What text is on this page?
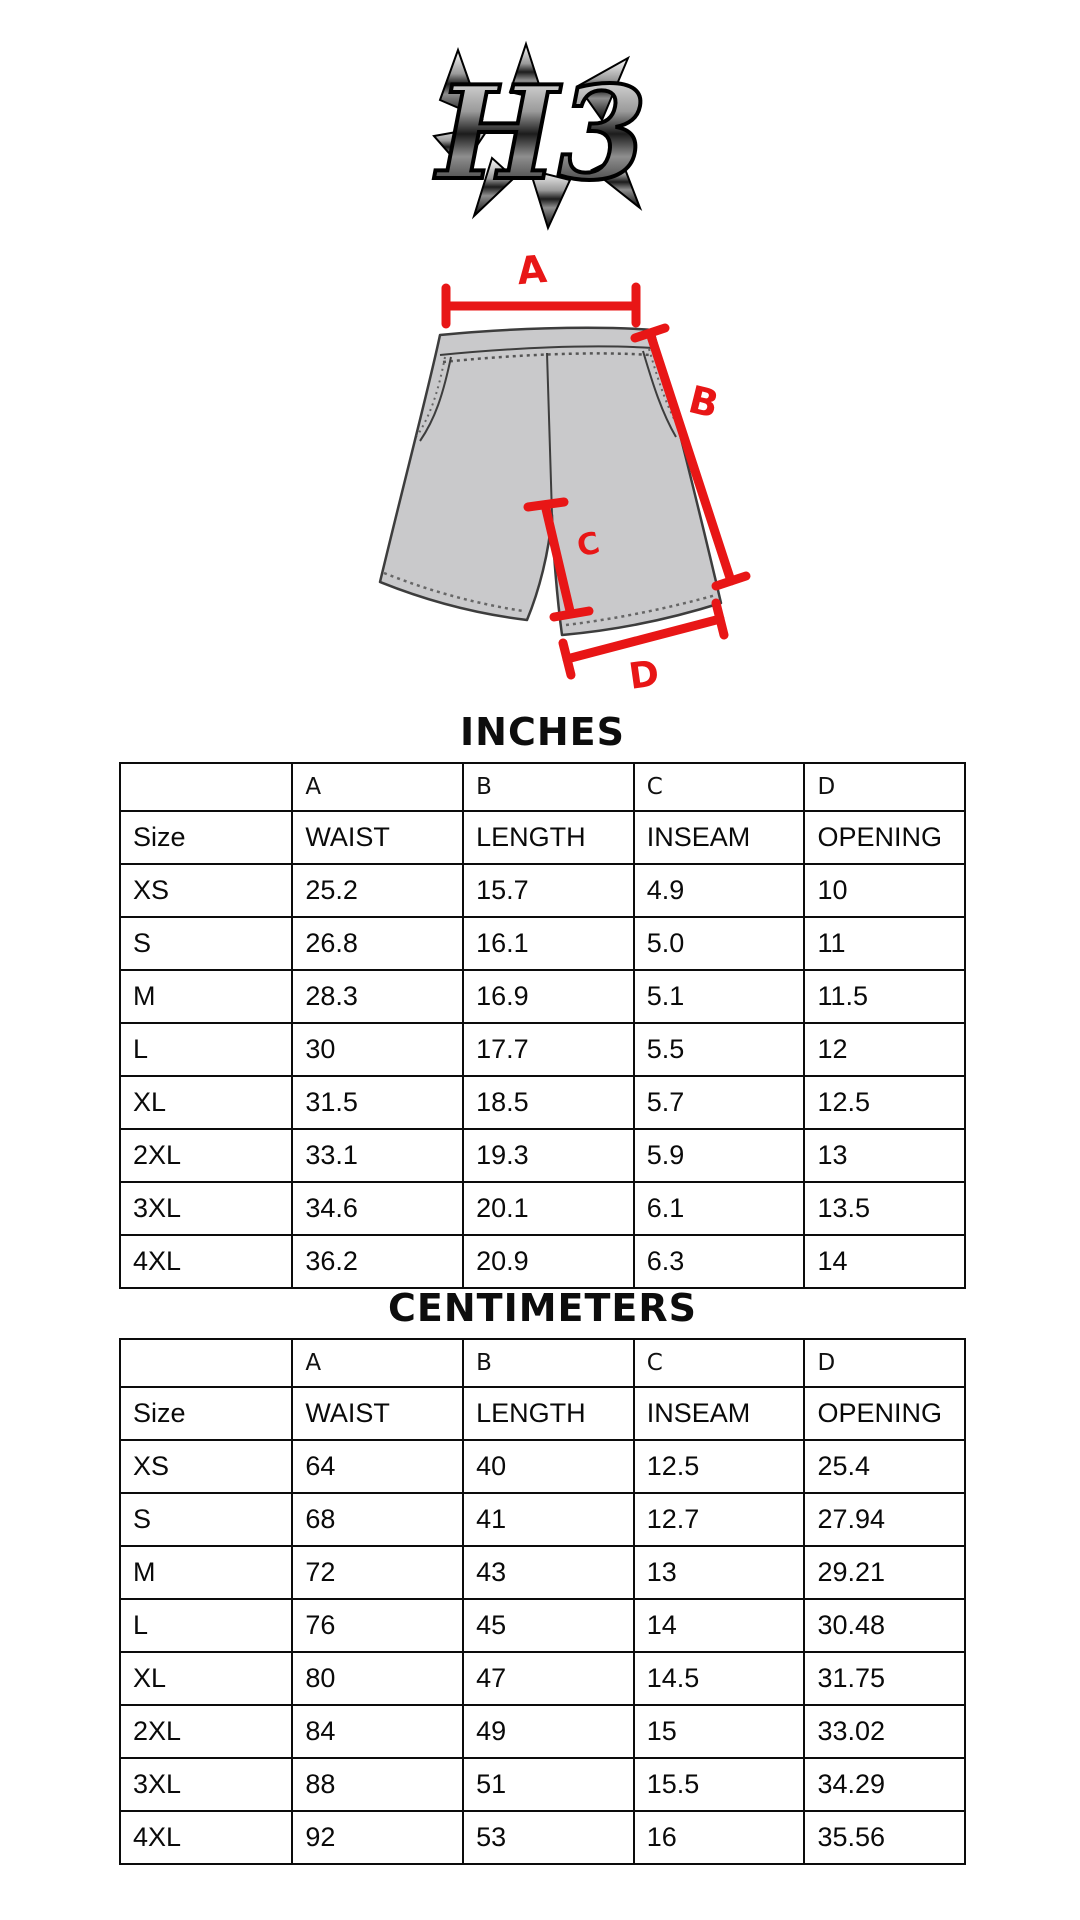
H3
A
B
C
D
INCHES
	A	B	C	D
Size	WAIST	LENGTH	INSEAM	OPENING
XS	25.2	15.7	4.9	10
S	26.8	16.1	5.0	11
M	28.3	16.9	5.1	11.5
L	30	17.7	5.5	12
XL	31.5	18.5	5.7	12.5
2XL	33.1	19.3	5.9	13
3XL	34.6	20.1	6.1	13.5
4XL	36.2	20.9	6.3	14
CENTIMETERS
	A	B	C	D
Size	WAIST	LENGTH	INSEAM	OPENING
XS	64	40	12.5	25.4
S	68	41	12.7	27.94
M	72	43	13	29.21
L	76	45	14	30.48
XL	80	47	14.5	31.75
2XL	84	49	15	33.02
3XL	88	51	15.5	34.29
4XL	92	53	16	35.56
